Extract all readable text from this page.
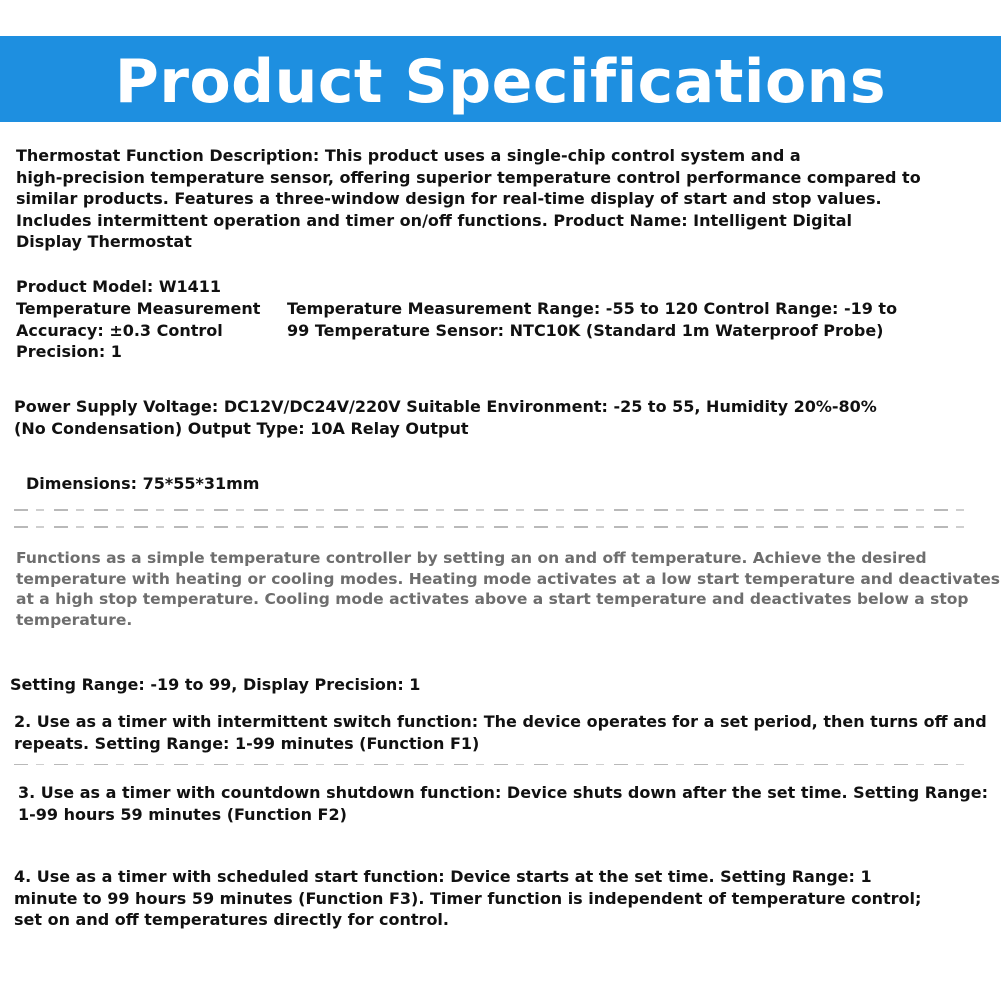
Product Specifications

Thermostat Function Description: This product uses a single-chip control system and a
high-precision temperature sensor, offering superior temperature control performance compared to
similar products. Features a three-window design for real-time display of start and stop values.
Includes intermittent operation and timer on/off functions. Product Name: Intelligent Digital
Display Thermostat

Product Model: W1411

Temperature Measurement
Accuracy: ±0.3 Control
Precision: 1

Temperature Measurement Range: -55 to 120 Control Range: -19 to
99 Temperature Sensor: NTC10K (Standard 1m Waterproof Probe)

Power Supply Voltage: DC12V/DC24V/220V Suitable Environment: -25 to 55, Humidity 20%-80%
(No Condensation) Output Type: 10A Relay Output

Dimensions: 75*55*31mm

Functions as a simple temperature controller by setting an on and off temperature. Achieve the desired
temperature with heating or cooling modes. Heating mode activates at a low start temperature and deactivates
at a high stop temperature. Cooling mode activates above a start temperature and deactivates below a stop
temperature.

Setting Range: -19 to 99, Display Precision: 1

2. Use as a timer with intermittent switch function: The device operates for a set period, then turns off and
repeats. Setting Range: 1-99 minutes (Function F1)

3. Use as a timer with countdown shutdown function: Device shuts down after the set time. Setting Range:
1-99 hours 59 minutes (Function F2)

4. Use as a timer with scheduled start function: Device starts at the set time. Setting Range: 1
minute to 99 hours 59 minutes (Function F3). Timer function is independent of temperature control;
set on and off temperatures directly for control.
